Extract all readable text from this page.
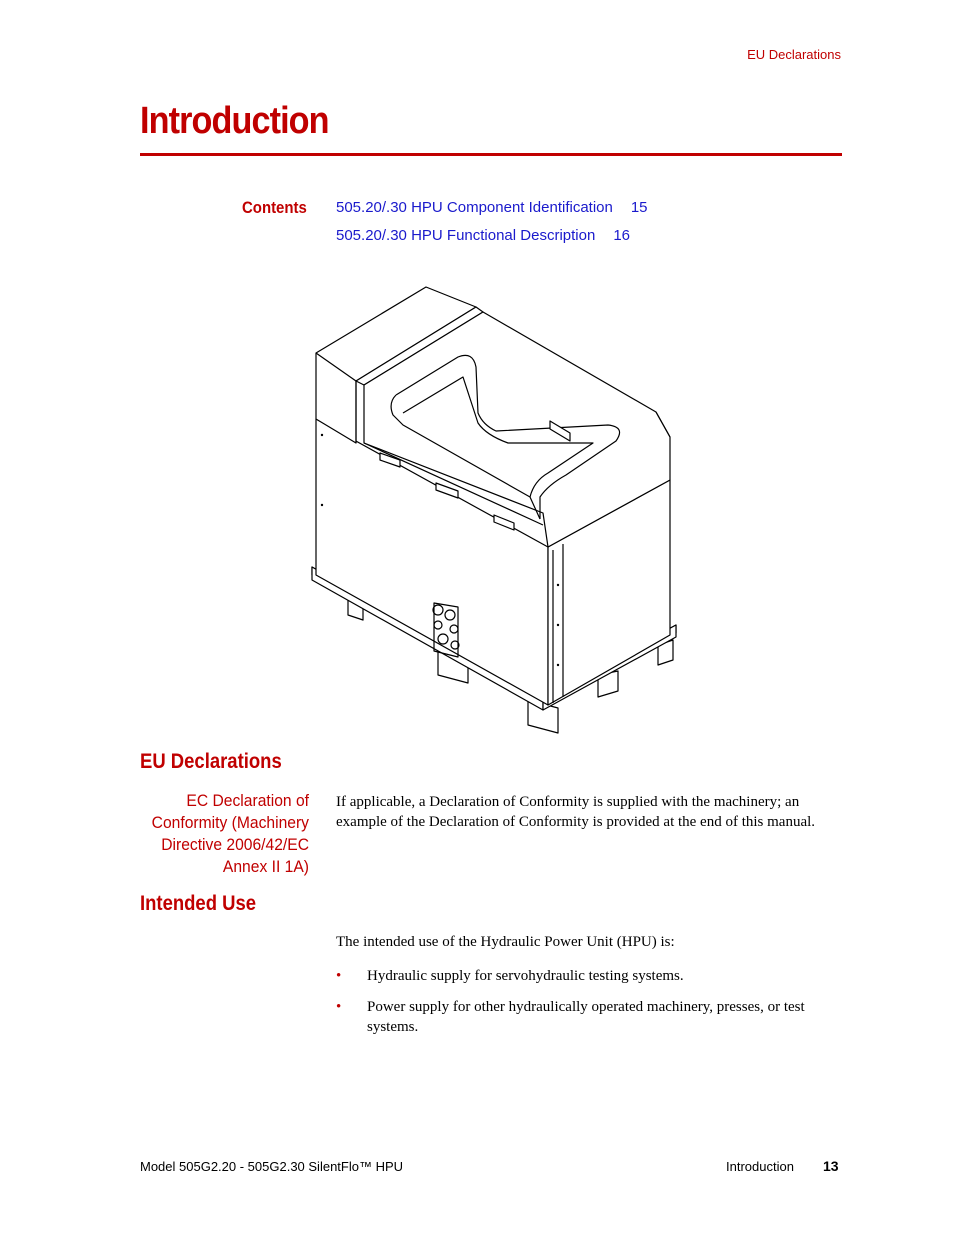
EU Declarations
Introduction
Contents 505.20/.30 HPU Component Identification 15
505.20/.30 HPU Functional Description 16
EU Declarations
EC Declaration of
Conformity (Machinery
Directive 2006/42/EC
Annex II 1A)
If applicable, a Declaration of Conformity is supplied with the machinery; an example of the Declaration of Conformity is provided at the end of this manual.
Intended Use
The intended use of the Hydraulic Power Unit (HPU) is:
• Hydraulic supply for servohydraulic testing systems.
• Power supply for other hydraulically operated machinery, presses, or test systems.
Model 505G2.20 - 505G2.30 SilentFlo™ HPU	Introduction 13
